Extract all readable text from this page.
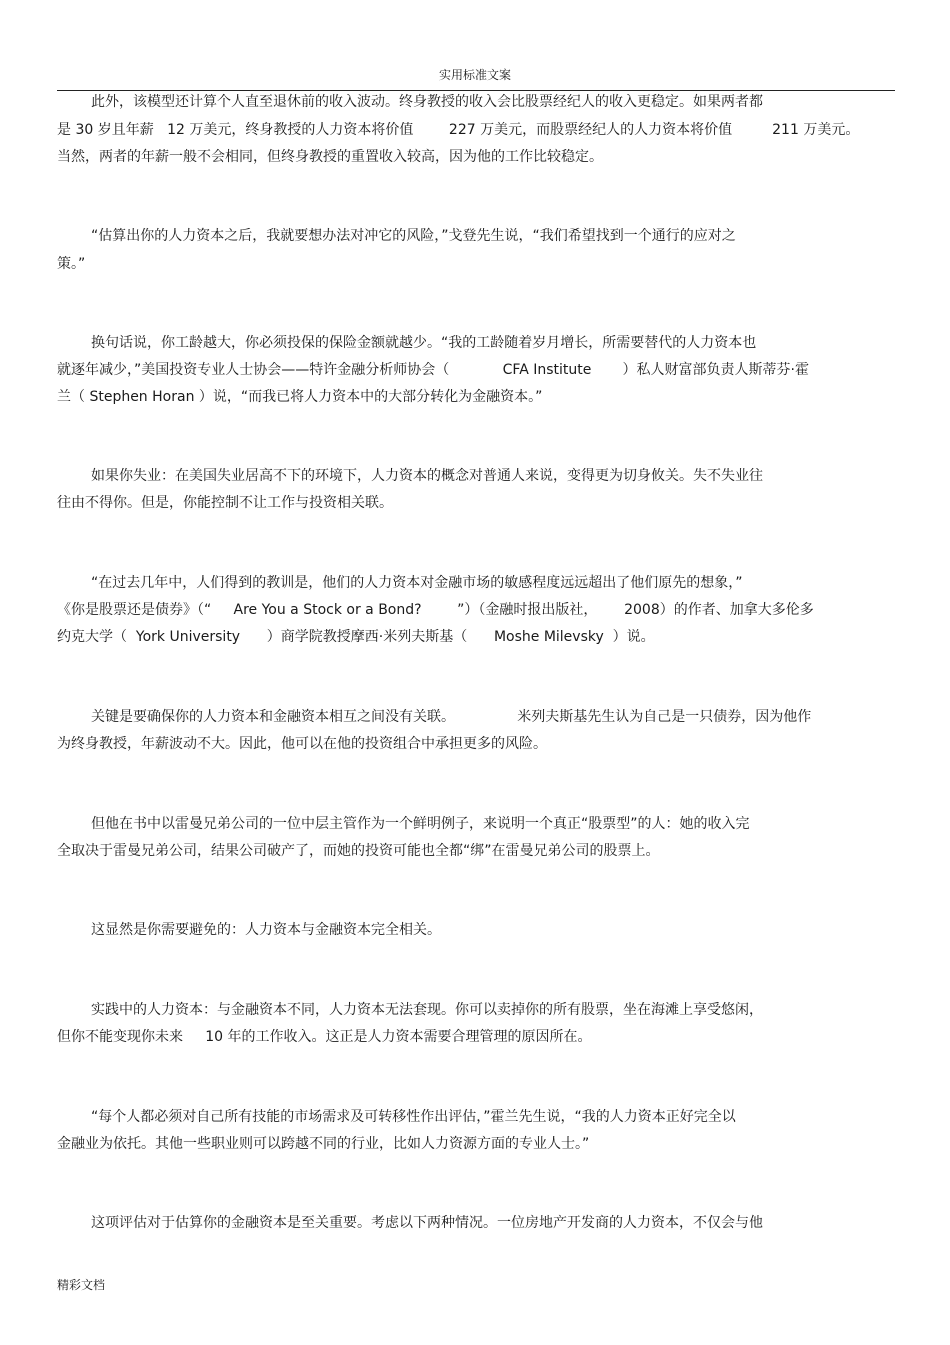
实用标准文案
此外，该模型还计算个人直至退休前的收入波动。终身教授的收入会比股票经纪人的收入更稳定。如果两者都
是 30 岁且年薪   12 万美元，终身教授的人力资本将价值        227 万美元，而股票经纪人的人力资本将价值         211 万美元。
当然，两者的年薪一般不会相同，但终身教授的重置收入较高，因为他的工作比较稳定。
“估算出你的人力资本之后，我就要想办法对冲它的风险，”戈登先生说，“我们希望找到一个通行的应对之
策。”
换句话说，你工龄越大，你必须投保的保险金额就越少。“我的工龄随着岁月增长，所需要替代的人力资本也
就逐年减少，”美国投资专业人士协会——特许金融分析师协会（            CFA Institute       ）私人财富部负责人斯蒂芬·霍
兰（ Stephen Horan ）说，“而我已将人力资本中的大部分转化为金融资本。”
如果你失业：在美国失业居高不下的环境下，人力资本的概念对普通人来说，变得更为切身攸关。失不失业往
往由不得你。但是，你能控制不让工作与投资相关联。
“在过去几年中，人们得到的教训是，他们的人力资本对金融市场的敏感程度远远超出了他们原先的想象，”
《你是股票还是债券》（“     Are You a Stock or a Bond?        ”）（金融时报出版社，      2008）的作者、加拿大多伦多
约克大学（  York University      ）商学院教授摩西·米列夫斯基（      Moshe Milevsky  ）说。
关键是要确保你的人力资本和金融资本相互之间没有关联。              米列夫斯基先生认为自己是一只债券，因为他作
为终身教授，年薪波动不大。因此，他可以在他的投资组合中承担更多的风险。
但他在书中以雷曼兄弟公司的一位中层主管作为一个鲜明例子，来说明一个真正“股票型”的人：她的收入完
全取决于雷曼兄弟公司，结果公司破产了，而她的投资可能也全都“绑”在雷曼兄弟公司的股票上。
这显然是你需要避免的：人力资本与金融资本完全相关。
实践中的人力资本：与金融资本不同，人力资本无法套现。你可以卖掉你的所有股票，坐在海滩上享受悠闲，
但你不能变现你未来     10 年的工作收入。这正是人力资本需要合理管理的原因所在。
“每个人都必须对自己所有技能的市场需求及可转移性作出评估，”霍兰先生说，“我的人力资本正好完全以
金融业为依托。其他一些职业则可以跨越不同的行业，比如人力资源方面的专业人士。”
这项评估对于估算你的金融资本是至关重要。考虑以下两种情况。一位房地产开发商的人力资本，不仅会与他
精彩文档
